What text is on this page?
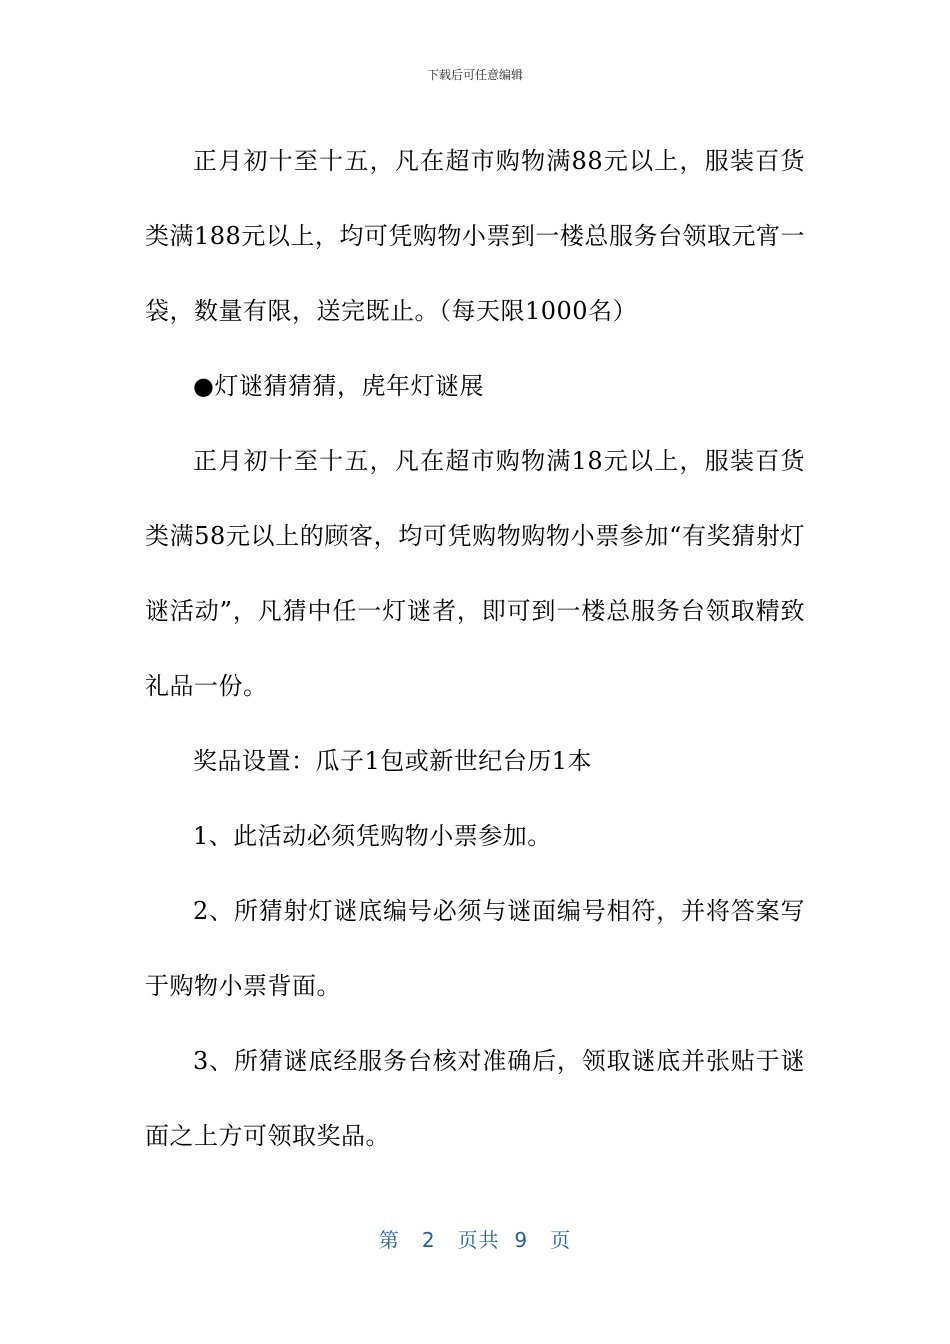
下载后可任意编辑

正月初十至十五，凡在超市购物满88元以上，服装百货类满188元以上，均可凭购物小票到一楼总服务台领取元宵一袋，数量有限，送完既止。（每天限1000名）

●灯谜猜猜猜，虎年灯谜展

正月初十至十五，凡在超市购物满18元以上，服装百货类满58元以上的顾客，均可凭购物购物小票参加“有奖猜射灯谜活动”，凡猜中任一灯谜者，即可到一楼总服务台领取精致礼品一份。

奖品设置：瓜子1包或新世纪台历1本

1、此活动必须凭购物小票参加。

2、所猜射灯谜底编号必须与谜面编号相符，并将答案写于购物小票背面。

3、所猜谜底经服务台核对准确后，领取谜底并张贴于谜面之上方可领取奖品。

第 2 页共 9 页
